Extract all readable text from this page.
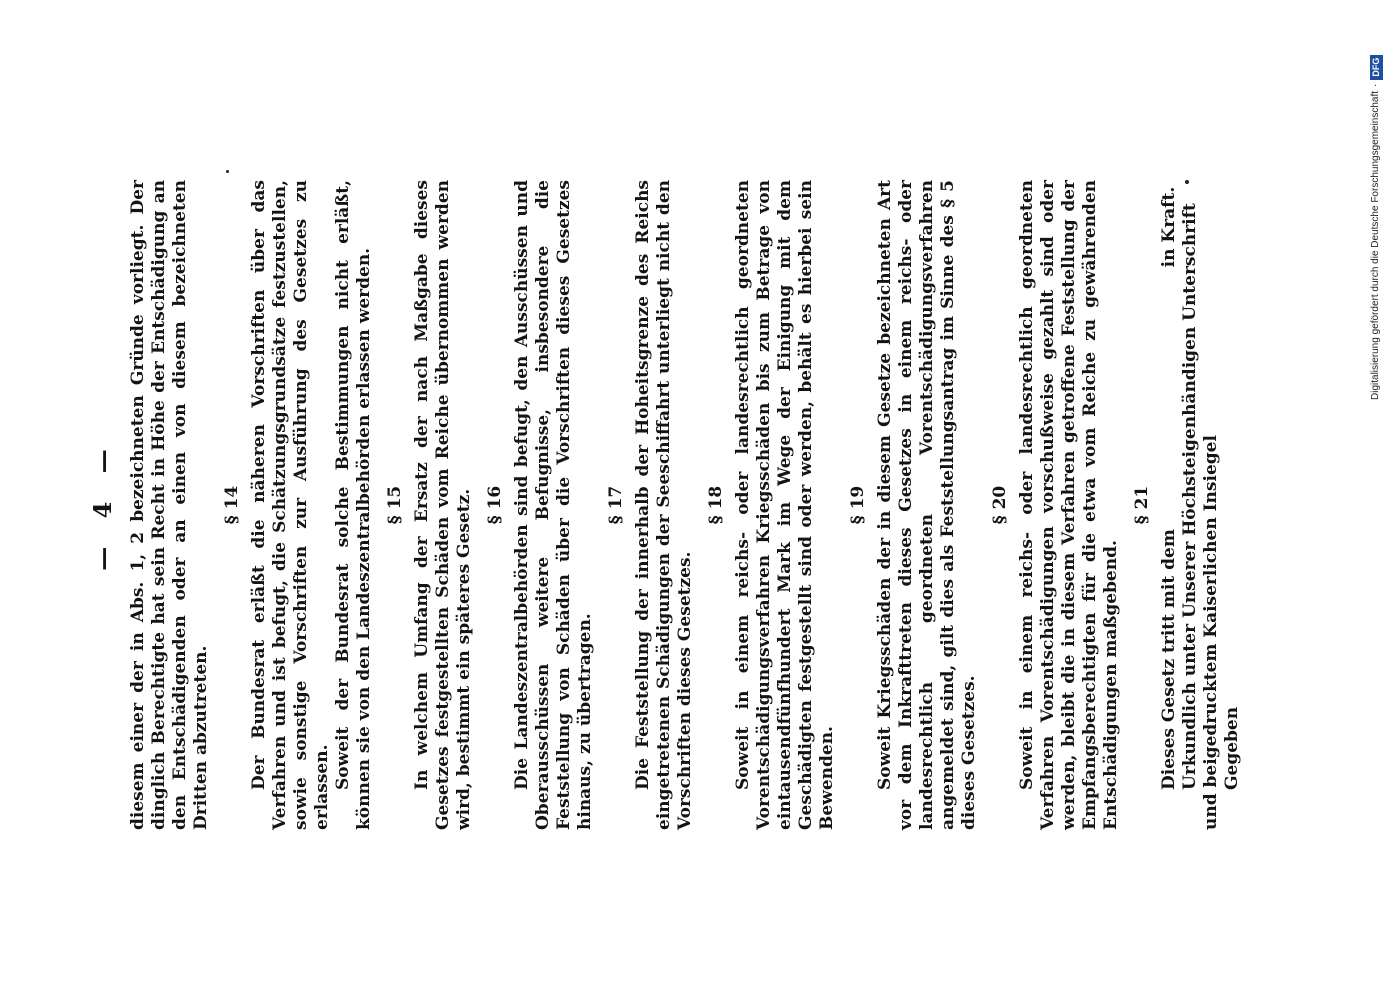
— 4 — diesem einer der in Abs. 1, 2 bezeichneten Gründe vorliegt. Der dinglich Berechtigte hat sein Recht in Höhe der Entschädigung an den Entschädigenden oder an einen von diesem bezeichneten Dritten abzutreten.

§ 14 Der Bundesrat erläßt die näheren Vorschriften über das Verfahren und ist befugt, die Schätzungsgrundsätze festzustellen, sowie sonstige Vorschriften zur Ausführung des Gesetzes zu erlassen. Soweit der Bundesrat solche Bestimmungen nicht erläßt, können sie von den Landeszentralbehörden erlassen werden. § 15 In welchem Umfang der Ersatz der nach Maßgabe dieses Gesetzes festgestellten Schäden vom Reiche übernommen werden wird, bestimmt ein späteres Gesetz. § 16 Die Landeszentralbehörden sind befugt, den Ausschüssen und Oberausschüssen weitere Befugnisse, insbesondere die Feststellung von Schäden über die Vorschriften dieses Gesetzes hinaus, zu übertragen.

§ 17 Die Feststellung der innerhalb der Hoheitsgrenze des Reichs eingetretenen Schädigungen der Seeschiffahrt unterliegt nicht den Vorschriften dieses Gesetzes.

§ 18 Soweit in einem reichs- oder landesrechtlich geordneten Vorentschädigungsverfahren Kriegsschäden bis zum Betrage von eintausendfünfhundert Mark im Wege der Einigung mit dem Geschädigten festgestellt sind oder werden, behält es hierbei sein Bewenden.

§ 19 Soweit Kriegsschäden der in diesem Gesetze bezeichneten Art vor dem Inkrafttreten dieses Gesetzes in einem reichs- oder landesrechtlich geordneten Vorentschädigungsverfahren angemeldet sind, gilt dies als Feststellungsantrag im Sinne des § 5 dieses Gesetzes.

§ 20 Soweit in einem reichs- oder landesrechtlich geordneten Verfahren Vorentschädigungen vorschußweise gezahlt sind oder werden, bleibt die in diesem Verfahren getroffene Feststellung der Empfangsberechtigten für die etwa vom Reiche zu gewährenden Entschädigungen maßgebend.

§ 21

Dieses Gesetz tritt mit dem  in Kraft. Urkundlich unter Unserer Höchsteigenhändigen Unterschrift und beigedrucktem Kaiserlichen Insiegel Gegeben

Digitalisierung gefördert durch die Deutsche Forschungsgemeinschaft
·
DFG
